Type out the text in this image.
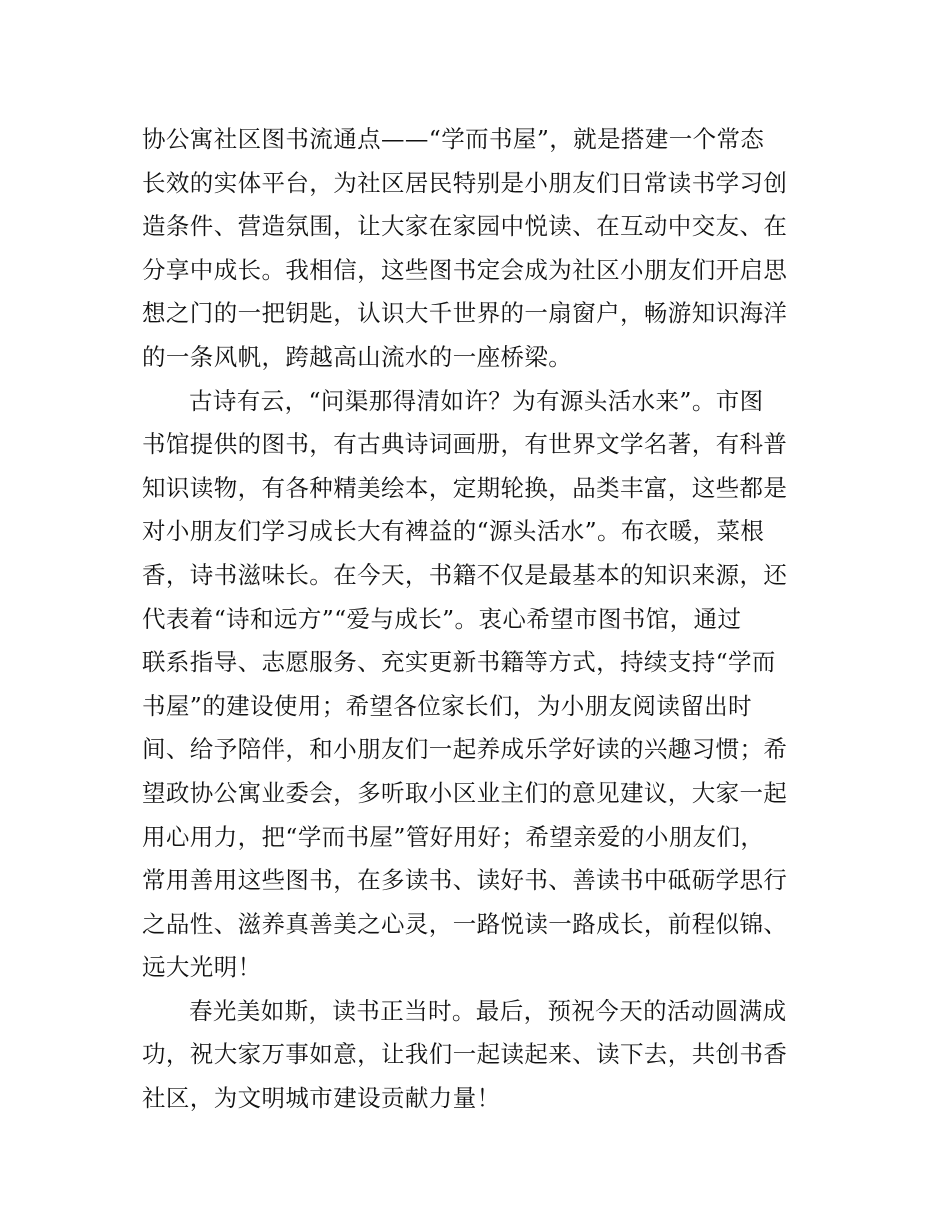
协公寓社区图书流通点——“学而书屋”，就是搭建一个常态
长效的实体平台，为社区居民特别是小朋友们日常读书学习创
造条件、营造氛围，让大家在家园中悦读、在互动中交友、在
分享中成长。我相信，这些图书定会成为社区小朋友们开启思
想之门的一把钥匙，认识大千世界的一扇窗户，畅游知识海洋
的一条风帆，跨越高山流水的一座桥梁。
古诗有云，“问渠那得清如许？为有源头活水来”。市图
书馆提供的图书，有古典诗词画册，有世界文学名著，有科普
知识读物，有各种精美绘本，定期轮换，品类丰富，这些都是
对小朋友们学习成长大有裨益的“源头活水”。布衣暖，菜根
香，诗书滋味长。在今天，书籍不仅是最基本的知识来源，还
代表着“诗和远方”“爱与成长”。衷心希望市图书馆，通过
联系指导、志愿服务、充实更新书籍等方式，持续支持“学而
书屋”的建设使用；希望各位家长们，为小朋友阅读留出时
间、给予陪伴，和小朋友们一起养成乐学好读的兴趣习惯；希
望政协公寓业委会，多听取小区业主们的意见建议，大家一起
用心用力，把“学而书屋”管好用好；希望亲爱的小朋友们，
常用善用这些图书，在多读书、读好书、善读书中砥砺学思行
之品性、滋养真善美之心灵，一路悦读一路成长，前程似锦、
远大光明！
春光美如斯，读书正当时。最后，预祝今天的活动圆满成
功，祝大家万事如意，让我们一起读起来、读下去，共创书香
社区，为文明城市建设贡献力量！
